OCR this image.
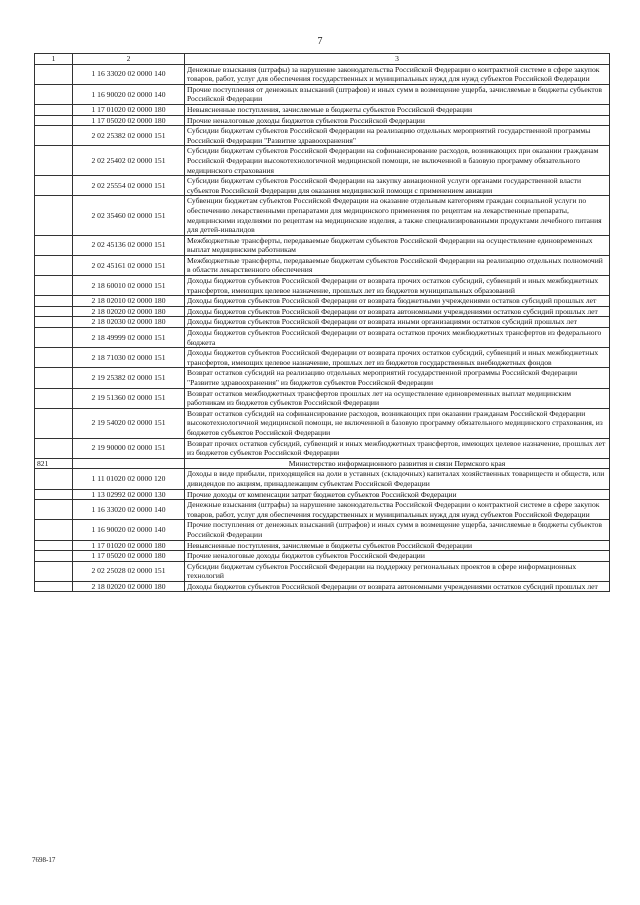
7
1	2	3
	1 16 33020 02 0000 140	Денежные взыскания (штрафы) за нарушение законодательства Российской Федерации о контрактной системе в сфере закупок товаров, работ, услуг для обеспечения государственных и муниципальных нужд для нужд субъектов Российской Федерации
	1 16 90020 02 0000 140	Прочие поступления от денежных взысканий (штрафов) и иных сумм в возмещение ущерба, зачисляемые в бюджеты субъектов Российской Федерации
	1 17 01020 02 0000 180	Невыясненные поступления, зачисляемые в бюджеты субъектов Российской Федерации
	1 17 05020 02 0000 180	Прочие неналоговые доходы бюджетов субъектов Российской Федерации
	2 02 25382 02 0000 151	Субсидии бюджетам субъектов Российской Федерации на реализацию отдельных мероприятий государственной программы Российской Федерации "Развитие здравоохранения"
	2 02 25402 02 0000 151	Субсидии бюджетам субъектов Российской Федерации на софинансирование расходов, возникающих при оказании гражданам Российской Федерации высокотехнологичной медицинской помощи, не включенной в базовую программу обязательного медицинского страхования
	2 02 25554 02 0000 151	Субсидии бюджетам субъектов Российской Федерации на закупку авиационной услуги органами государственной власти субъектов Российской Федерации для оказания медицинской помощи с применением авиации
	2 02 35460 02 0000 151	Субвенции бюджетам субъектов Российской Федерации на оказание отдельным категориям граждан социальной услуги по обеспечению лекарственными препаратами для медицинского применения по рецептам на лекарственные препараты, медицинскими изделиями по рецептам на медицинские изделия, а также специализированными продуктами лечебного питания для детей-инвалидов
	2 02 45136 02 0000 151	Межбюджетные трансферты, передаваемые бюджетам субъектов Российской Федерации на осуществление единовременных выплат медицинским работникам
	2 02 45161 02 0000 151	Межбюджетные трансферты, передаваемые бюджетам субъектов Российской Федерации на реализацию отдельных полномочий в области лекарственного обеспечения
	2 18 60010 02 0000 151	Доходы бюджетов субъектов Российской Федерации от возврата прочих остатков субсидий, субвенций и иных межбюджетных трансфертов, имеющих целевое назначение, прошлых лет из бюджетов муниципальных образований
	2 18 02010 02 0000 180	Доходы бюджетов субъектов Российской Федерации от возврата бюджетными учреждениями остатков субсидий прошлых лет
	2 18 02020 02 0000 180	Доходы бюджетов субъектов Российской Федерации от возврата автономными учреждениями остатков субсидий прошлых лет
	2 18 02030 02 0000 180	Доходы бюджетов субъектов Российской Федерации от возврата иными организациями остатков субсидий прошлых лет
	2 18 49999 02 0000 151	Доходы бюджетов субъектов Российской Федерации от возврата остатков прочих межбюджетных трансфертов из федерального бюджета
	2 18 71030 02 0000 151	Доходы бюджетов субъектов Российской Федерации от возврата прочих остатков субсидий, субвенций и иных межбюджетных трансфертов, имеющих целевое назначение, прошлых лет из бюджетов государственных внебюджетных фондов
	2 19 25382 02 0000 151	Возврат остатков субсидий на реализацию отдельных мероприятий государственной программы Российской Федерации "Развитие здравоохранения" из бюджетов субъектов Российской Федерации
	2 19 51360 02 0000 151	Возврат остатков межбюджетных трансфертов прошлых лет на осуществление единовременных выплат медицинским работникам из бюджетов субъектов Российской Федерации
	2 19 54020 02 0000 151	Возврат остатков субсидий на софинансирование расходов, возникающих при оказании гражданам Российской Федерации высокотехнологичной медицинской помощи, не включенной в базовую программу обязательного медицинского страхования, из бюджетов субъектов Российской Федерации
	2 19 90000 02 0000 151	Возврат прочих остатков субсидий, субвенций и иных межбюджетных трансфертов, имеющих целевое назначение, прошлых лет из бюджетов субъектов Российской Федерации
821		Министерство информационного развития и связи Пермского края
	1 11 01020 02 0000 120	Доходы в виде прибыли, приходящейся на доли в уставных (складочных) капиталах хозяйственных товариществ и обществ, или дивидендов по акциям, принадлежащим субъектам Российской Федерации
	1 13 02992 02 0000 130	Прочие доходы от компенсации затрат бюджетов субъектов Российской Федерации
	1 16 33020 02 0000 140	Денежные взыскания (штрафы) за нарушение законодательства Российской Федерации о контрактной системе в сфере закупок товаров, работ, услуг для обеспечения государственных и муниципальных нужд для нужд субъектов Российской Федерации
	1 16 90020 02 0000 140	Прочие поступления от денежных взысканий (штрафов) и иных сумм в возмещение ущерба, зачисляемые в бюджеты субъектов Российской Федерации
	1 17 01020 02 0000 180	Невыясненные поступления, зачисляемые в бюджеты субъектов Российской Федерации
	1 17 05020 02 0000 180	Прочие неналоговые доходы бюджетов субъектов Российской Федерации
	2 02 25028 02 0000 151	Субсидии бюджетам субъектов Российской Федерации на поддержку региональных проектов в сфере информационных технологий
	2 18 02020 02 0000 180	Доходы бюджетов субъектов Российской Федерации от возврата автономными учреждениями остатков субсидий прошлых лет
7698-17
